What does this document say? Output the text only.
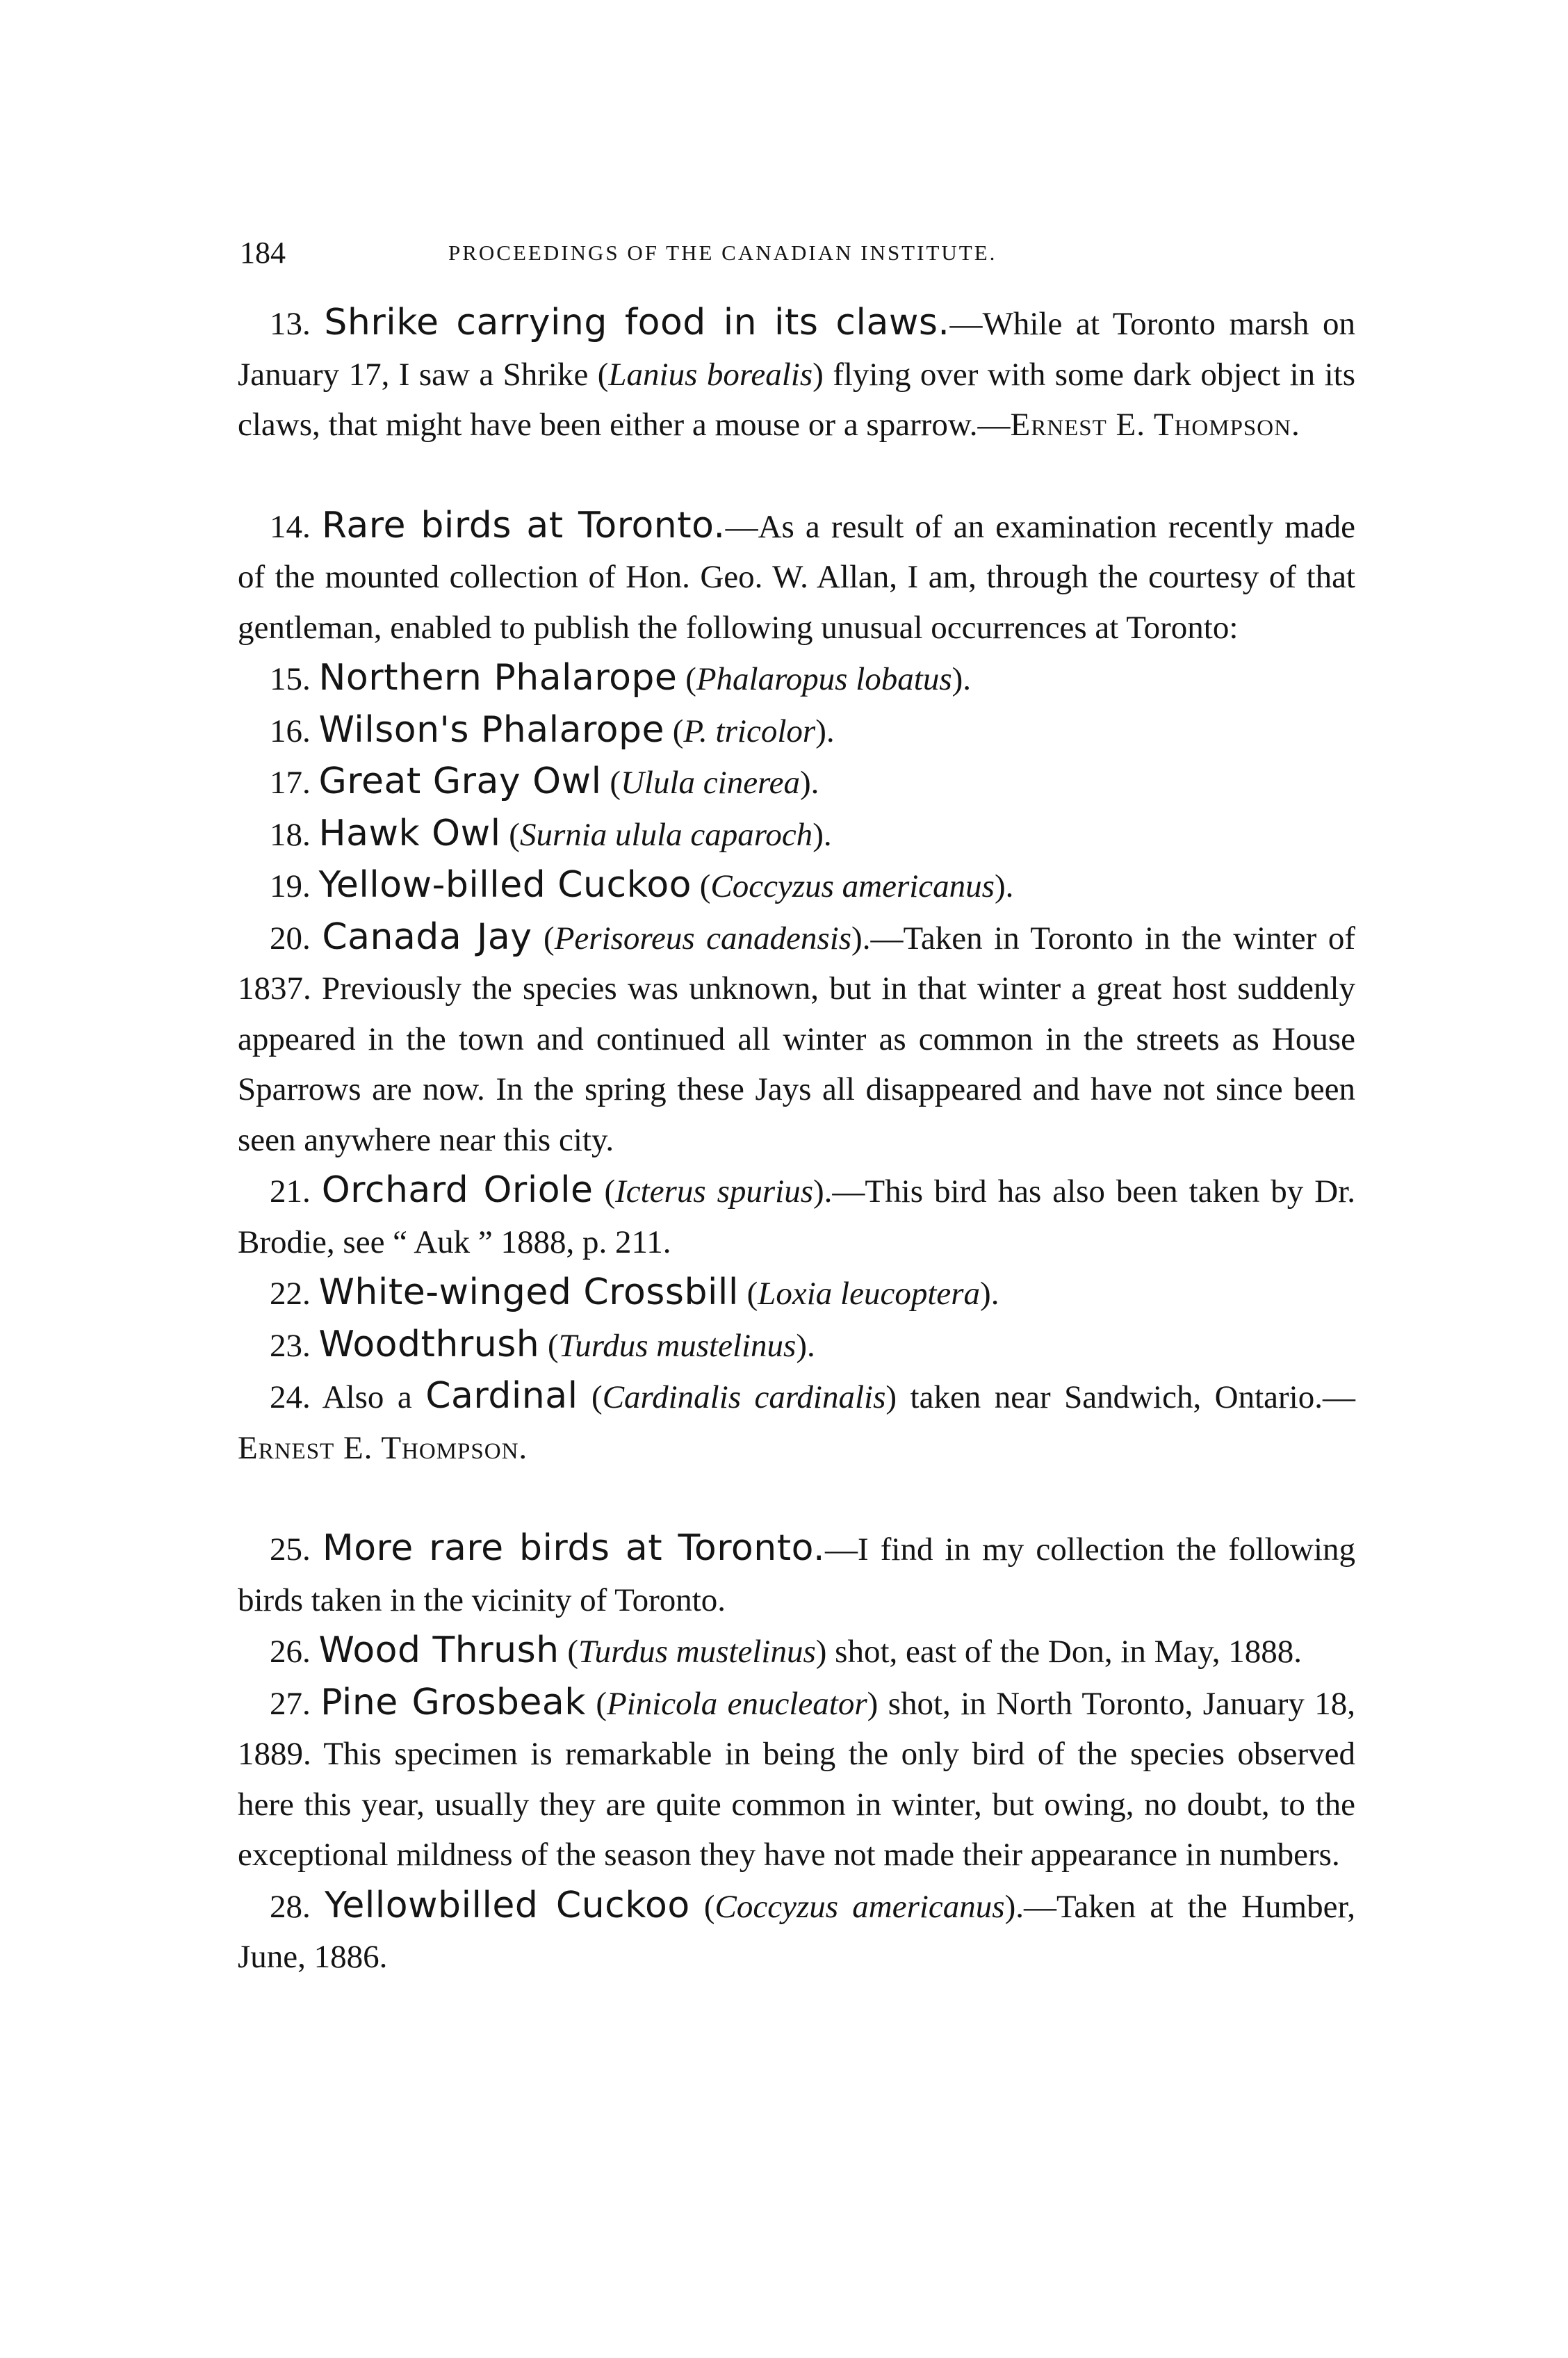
184	PROCEEDINGS OF THE CANADIAN INSTITUTE.

13. Shrike carrying food in its claws.—While at Toronto marsh on January 17, I saw a Shrike (Lanius borealis) flying over with some dark object in its claws, that might have been either a mouse or a sparrow.—Ernest E. Thompson.

14. Rare birds at Toronto.—As a result of an examination recently made of the mounted collection of Hon. Geo. W. Allan, I am, through the courtesy of that gentleman, enabled to publish the following unusual occurrences at Toronto:

15. Northern Phalarope (Phalaropus lobatus).

16. Wilson's Phalarope (P. tricolor).

17. Great Gray Owl (Ulula cinerea).

18. Hawk Owl (Surnia ulula caparoch).

19. Yellow-billed Cuckoo (Coccyzus americanus).

20. Canada Jay (Perisoreus canadensis).—Taken in Toronto in the winter of 1837. Previously the species was unknown, but in that winter a great host suddenly appeared in the town and continued all winter as common in the streets as House Sparrows are now. In the spring these Jays all disappeared and have not since been seen anywhere near this city.

21. Orchard Oriole (Icterus spurius).—This bird has also been taken by Dr. Brodie, see “ Auk ” 1888, p. 211.

22. White-winged Crossbill (Loxia leucoptera).

23. Woodthrush (Turdus mustelinus).

24. Also a Cardinal (Cardinalis cardinalis) taken near Sandwich, Ontario.—Ernest E. Thompson.

25. More rare birds at Toronto.—I find in my collection the following birds taken in the vicinity of Toronto.

26. Wood Thrush (Turdus mustelinus) shot, east of the Don, in May, 1888.

27. Pine Grosbeak (Pinicola enucleator) shot, in North Toronto, January 18, 1889. This specimen is remarkable in being the only bird of the species observed here this year, usually they are quite common in winter, but owing, no doubt, to the exceptional mildness of the season they have not made their appearance in numbers.

28. Yellowbilled Cuckoo (Coccyzus americanus).—Taken at the Humber, June, 1886.
